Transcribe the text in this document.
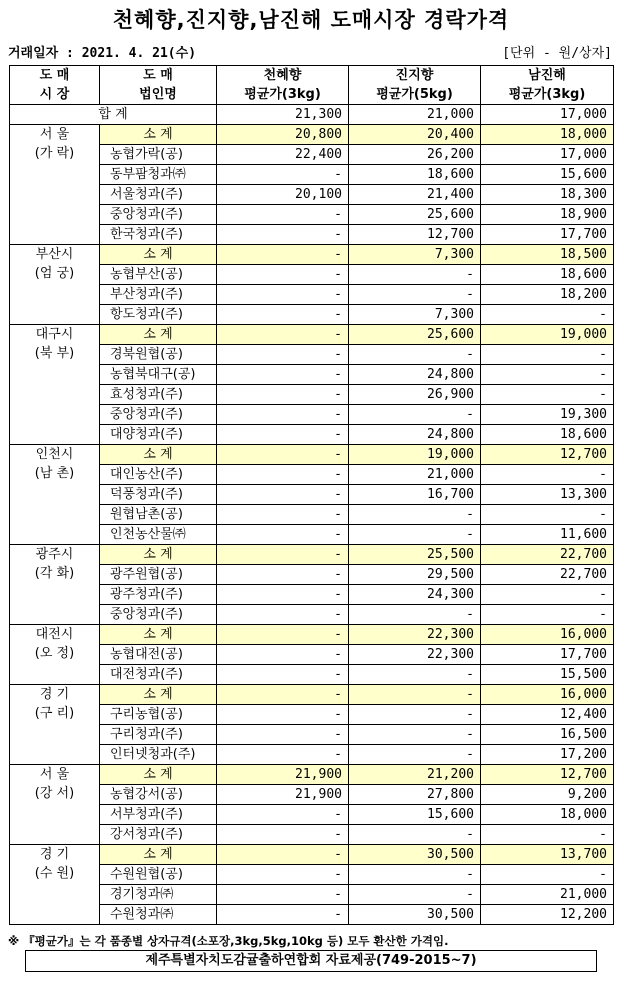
천혜향,진지향,남진해 도매시장 경락가격
거래일자 : 2021. 4. 21(수)	[단위 - 원/상자]
도 매	도 매	천혜향	진지향	남진해
시 장	법인명	평균가(3kg)	평균가(5kg)	평균가(3kg)
합 계		21,300	21,000	17,000

서 울
(가 락)	소 계	20,800	20,400	18,000
	농협가락(공)	22,400	26,200	17,000
	동부팜청과㈜	-	18,600	15,600
	서울청과(주)	20,100	21,400	18,300
	중앙청과(주)	-	25,600	18,900
	한국청과(주)	-	12,700	17,700

부산시
(엄 궁)	소 계	-	7,300	18,500
	농협부산(공)	-	-	18,600
	부산청과(주)	-	-	18,200
	항도청과(주)	-	7,300	-

대구시
(북 부)	소 계	-	25,600	19,000
	경북원협(공)	-	-	-
	농협북대구(공)	-	24,800	-
	효성청과(주)	-	26,900	-
	중앙청과(주)	-	-	19,300
	대양청과(주)	-	24,800	18,600

인천시
(남 촌)	소 계	-	19,000	12,700
	대인농산(주)	-	21,000	-
	덕풍청과(주)	-	16,700	13,300
	원협남촌(공)	-	-	-
	인천농산물㈜	-	-	11,600

광주시
(각 화)	소 계	-	25,500	22,700
	광주원협(공)	-	29,500	22,700
	광주청과(주)	-	24,300	-
	중앙청과(주)	-	-	-

대전시
(오 정)	소 계	-	22,300	16,000
	농협대전(공)	-	22,300	17,700
	대전청과(주)	-	-	15,500

경 기
(구 리)	소 계	-	-	16,000
	구리농협(공)	-	-	12,400
	구리청과(주)	-	-	16,500
	인터넷청과(주)	-	-	17,200

서 울
(강 서)	소 계	21,900	21,200	12,700
	농협강서(공)	21,900	27,800	9,200
	서부청과(주)	-	15,600	18,000
	강서청과(주)	-	-	-

경 기
(수 원)	소 계	-	30,500	13,700
	수원원협(공)	-	-	-
	경기청과㈜	-	-	21,000
	수원청과㈜	-	30,500	12,200
※ 『평균가』는 각 품종별 상자규격(소포장,3kg,5kg,10kg 등) 모두 환산한 가격임.
제주특별자치도감귤출하연합회 자료제공(749-2015~7)
